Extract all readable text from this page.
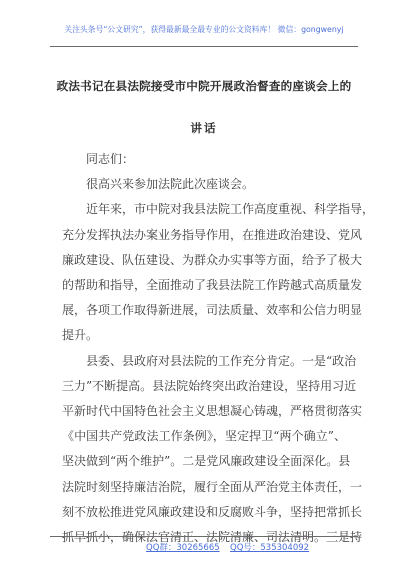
关注头条号“公文研究”，获得最新最全最专业的公文资料库！ 微信：gongwenyj
政法书记在县法院接受市中院开展政治督查的座谈会上的
讲话
同志们：
很高兴来参加法院此次座谈会。
近年来，市中院对我县法院工作高度重视、科学指导，
充分发挥执法办案业务指导作用，在推进政治建设、党风
廉政建设、队伍建设、为群众办实事等方面，给予了极大
的帮助和指导，全面推动了我县法院工作跨越式高质量发
展，各项工作取得新进展，司法质量、效率和公信力明显
提升。
县委、县政府对县法院的工作充分肯定。一是“政治
三力”不断提高。县法院始终突出政治建设，坚持用习近
平新时代中国特色社会主义思想凝心铸魂，严格贯彻落实
《中国共产党政法工作条例》，坚定捍卫“两个确立”、
坚决做到“两个维护”。二是党风廉政建设全面深化。县
法院时刻坚持廉洁治院，履行全面从严治党主体责任，一
刻不放松推进党风廉政建设和反腐败斗争，坚持把常抓长
抓早抓小，确保法官清正、法院清廉、司法清明。三是持
QQ群：30265665 QQ号：535304092
